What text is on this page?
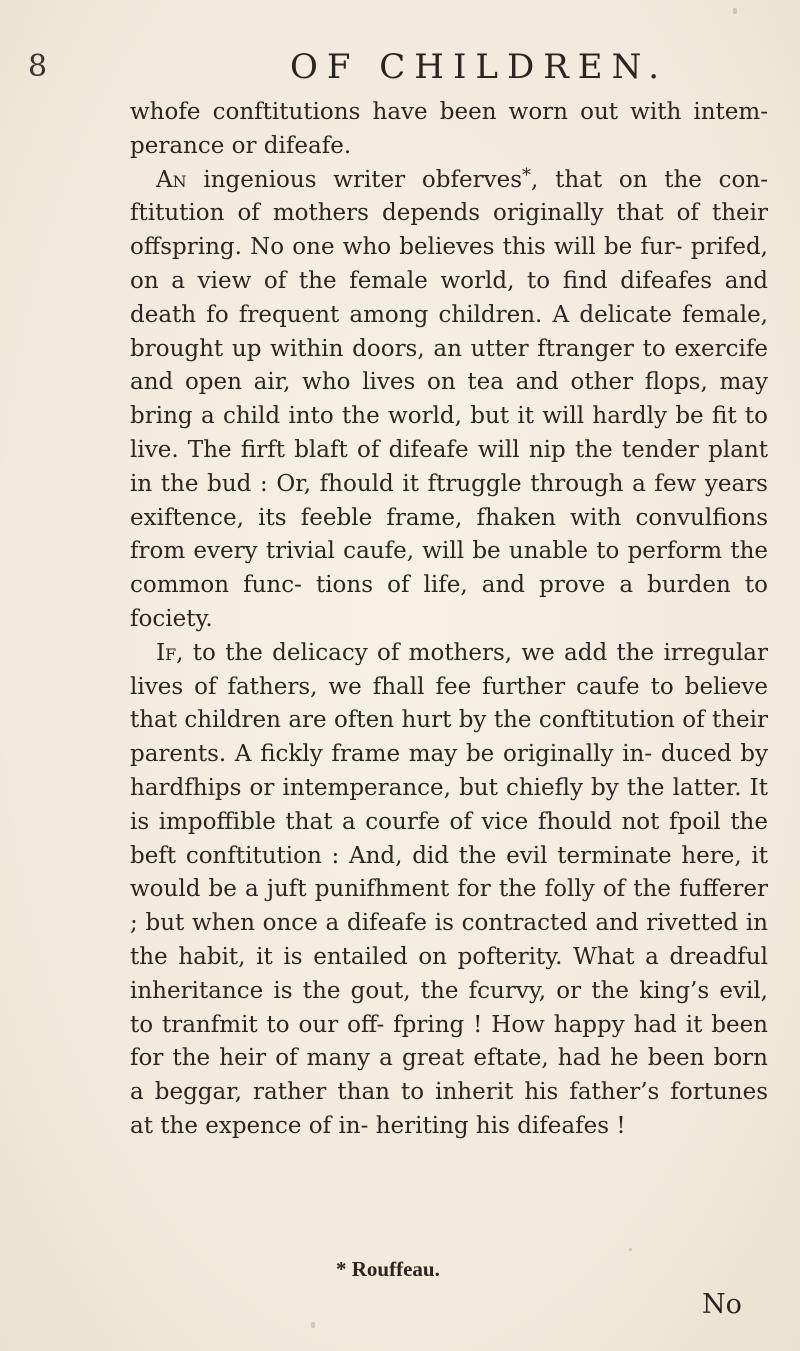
8	OF CHILDREN.

whofe conftitutions have been worn out with intem- perance or difeafe.

An ingenious writer obferves*, that on the con- ftitution of mothers depends originally that of their offspring. No one who believes this will be fur- prifed, on a view of the female world, to find difeafes and death fo frequent among children. A delicate female, brought up within doors, an utter ftranger to exercife and open air, who lives on tea and other flops, may bring a child into the world, but it will hardly be fit to live. The firft blaft of difeafe will nip the tender plant in the bud : Or, fhould it ftruggle through a few years exiftence, its feeble frame, fhaken with convulfions from every trivial caufe, will be unable to perform the common func- tions of life, and prove a burden to fociety.

If, to the delicacy of mothers, we add the irregular lives of fathers, we fhall fee further caufe to believe that children are often hurt by the conftitution of their parents. A fickly frame may be originally in- duced by hardfhips or intemperance, but chiefly by the latter. It is impoffible that a courfe of vice fhould not fpoil the beft conftitution : And, did the evil terminate here, it would be a juft punifhment for the folly of the fufferer ; but when once a difeafe is contracted and rivetted in the habit, it is entailed on pofterity. What a dreadful inheritance is the gout, the fcurvy, or the king’s evil, to tranfmit to our off- fpring ! How happy had it been for the heir of many a great eftate, had he been born a beggar, rather than to inherit his father’s fortunes at the expence of in- heriting his difeafes !

* Rouffeau.
No
